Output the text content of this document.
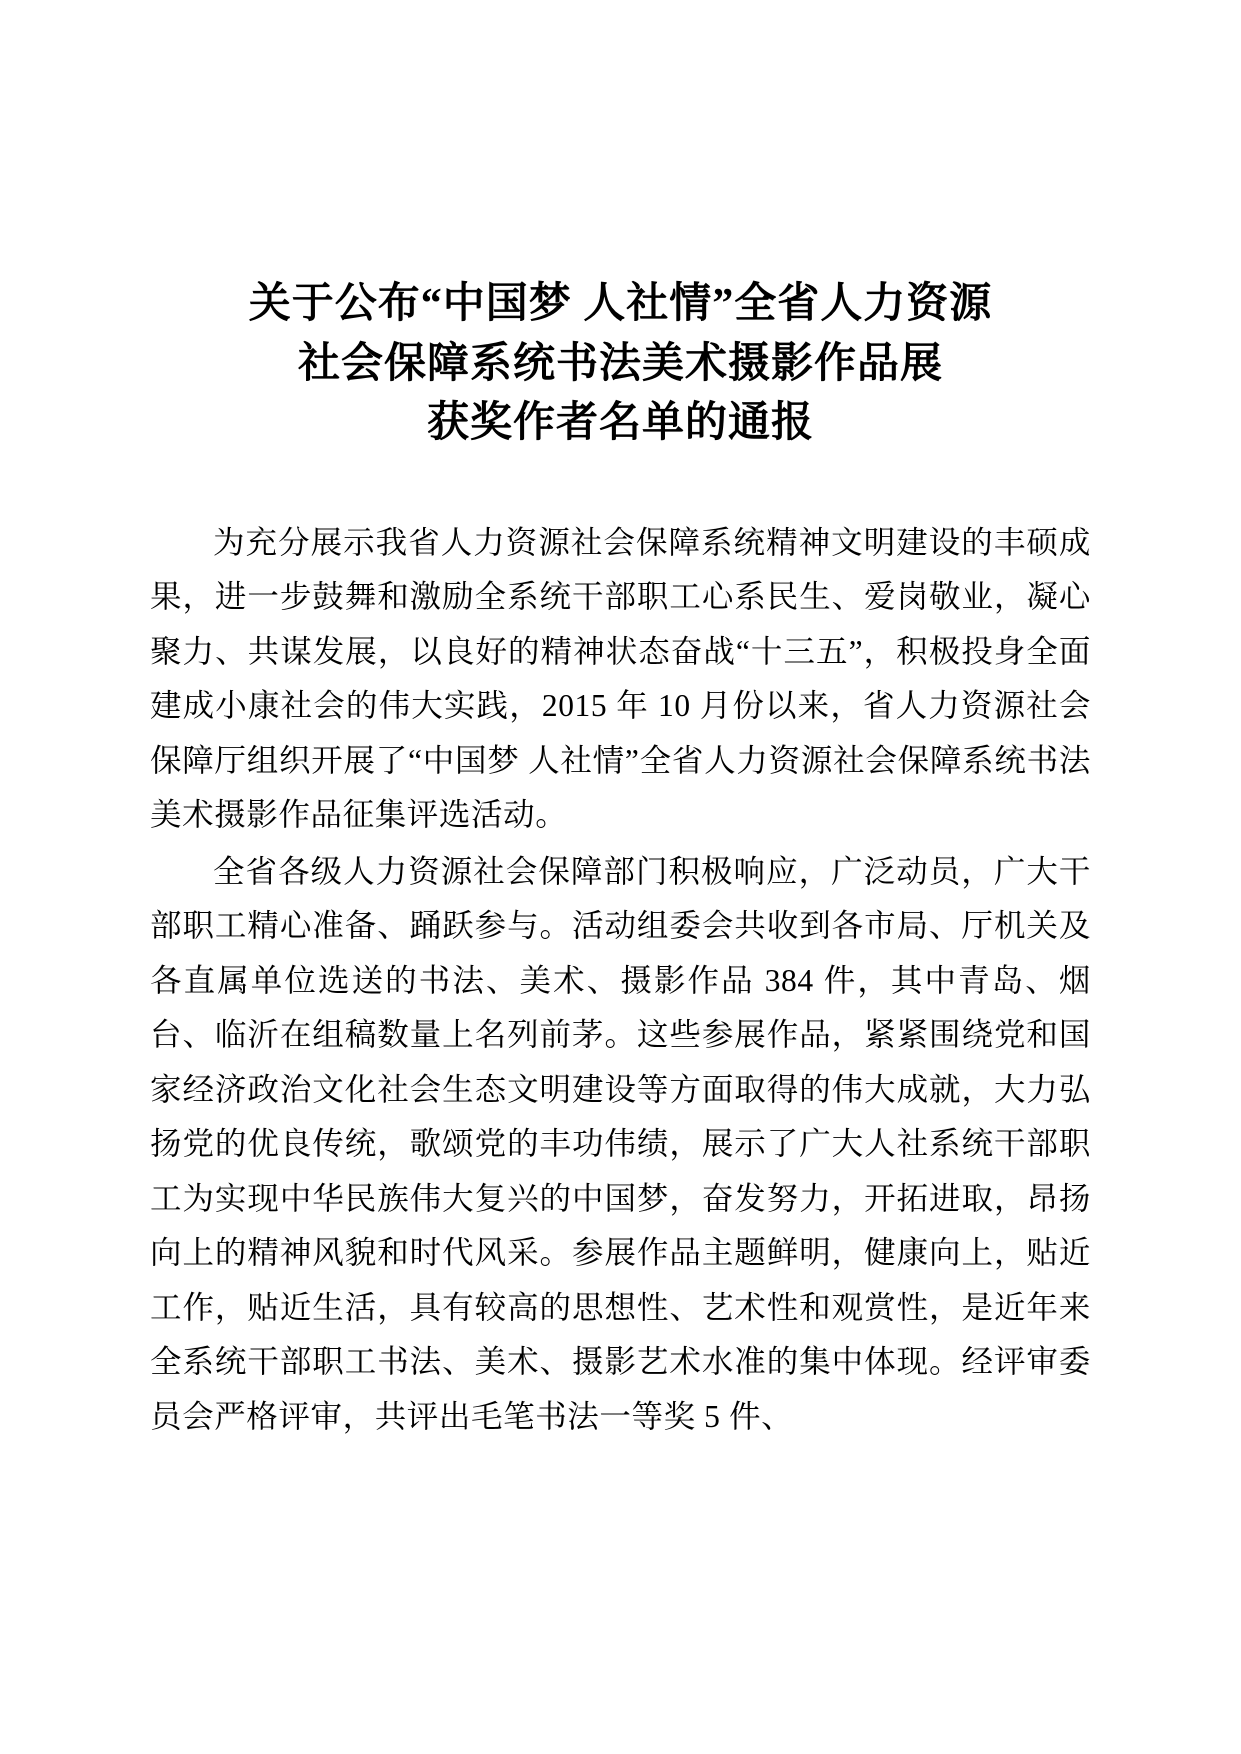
关于公布“中国梦 人社情”全省人力资源
社会保障系统书法美术摄影作品展
获奖作者名单的通报

为充分展示我省人力资源社会保障系统精神文明建设的丰硕成果，进一步鼓舞和激励全系统干部职工心系民生、爱岗敬业，凝心聚力、共谋发展，以良好的精神状态奋战“十三五”，积极投身全面建成小康社会的伟大实践，2015 年 10 月份以来，省人力资源社会保障厅组织开展了“中国梦 人社情”全省人力资源社会保障系统书法美术摄影作品征集评选活动。

全省各级人力资源社会保障部门积极响应，广泛动员，广大干部职工精心准备、踊跃参与。活动组委会共收到各市局、厅机关及各直属单位选送的书法、美术、摄影作品 384 件，其中青岛、烟台、临沂在组稿数量上名列前茅。这些参展作品，紧紧围绕党和国家经济政治文化社会生态文明建设等方面取得的伟大成就，大力弘扬党的优良传统，歌颂党的丰功伟绩，展示了广大人社系统干部职工为实现中华民族伟大复兴的中国梦，奋发努力，开拓进取，昂扬向上的精神风貌和时代风采。参展作品主题鲜明，健康向上，贴近工作，贴近生活，具有较高的思想性、艺术性和观赏性，是近年来全系统干部职工书法、美术、摄影艺术水准的集中体现。经评审委员会严格评审，共评出毛笔书法一等奖 5 件、
